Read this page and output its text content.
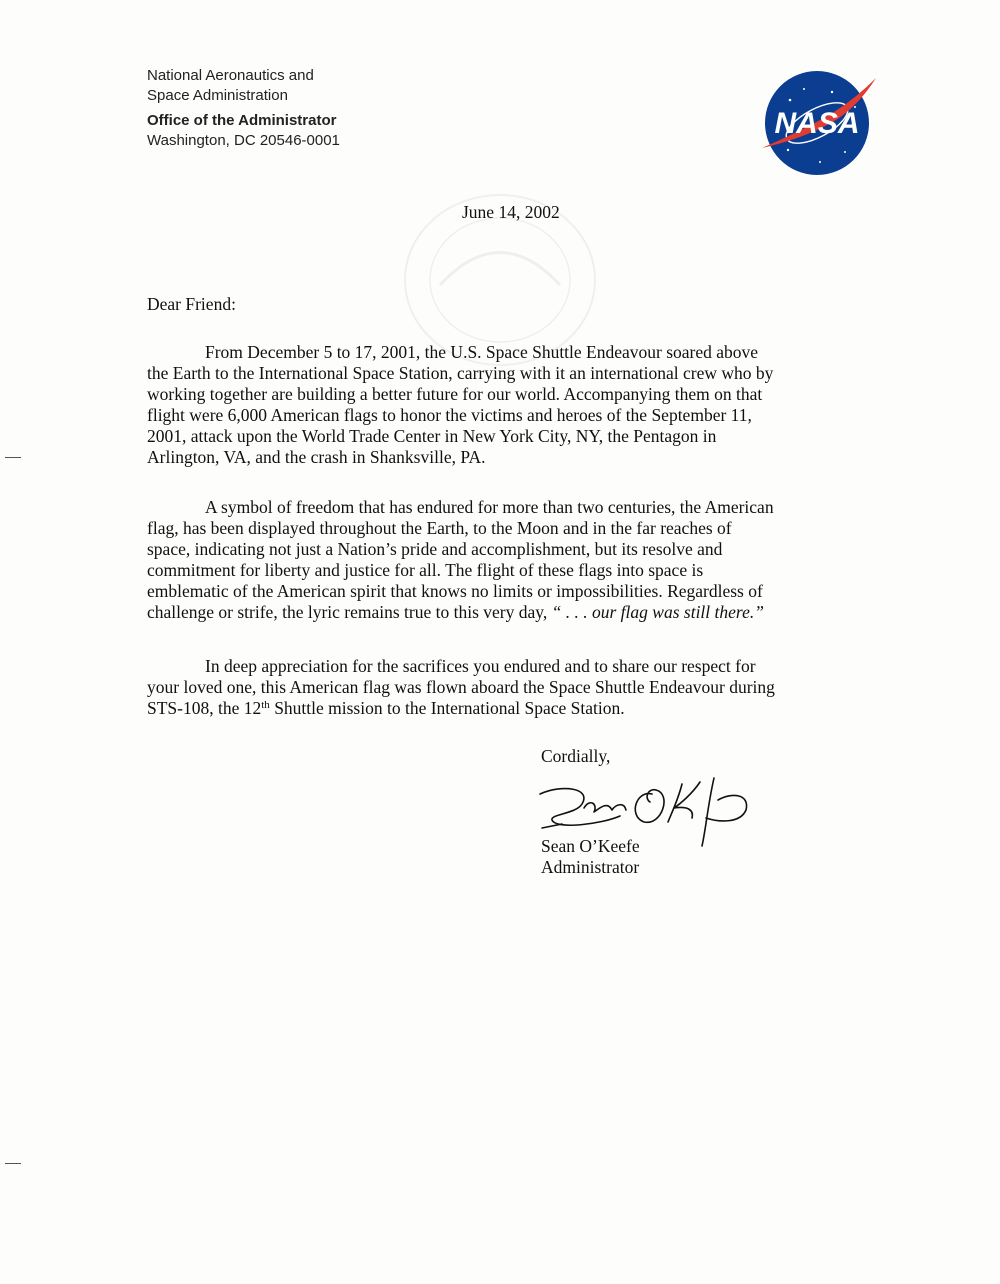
National Aeronautics and
Space Administration
Office of the Administrator
Washington, DC 20546-0001	NASA
June 14, 2002
Dear Friend:
From December 5 to 17, 2001, the U.S. Space Shuttle Endeavour soared above
the Earth to the International Space Station, carrying with it an international crew who by
working together are building a better future for our world. Accompanying them on that
flight were 6,000 American flags to honor the victims and heroes of the September 11,
2001, attack upon the World Trade Center in New York City, NY, the Pentagon in
Arlington, VA, and the crash in Shanksville, PA.
A symbol of freedom that has endured for more than two centuries, the American
flag, has been displayed throughout the Earth, to the Moon and in the far reaches of
space, indicating not just a Nation’s pride and accomplishment, but its resolve and
commitment for liberty and justice for all. The flight of these flags into space is
emblematic of the American spirit that knows no limits or impossibilities. Regardless of
challenge or strife, the lyric remains true to this very day, “ . . . our flag was still there.”
In deep appreciation for the sacrifices you endured and to share our respect for
your loved one, this American flag was flown aboard the Space Shuttle Endeavour during
STS-108, the 12th Shuttle mission to the International Space Station.
Cordially,
Sean O’Keefe
Administrator
